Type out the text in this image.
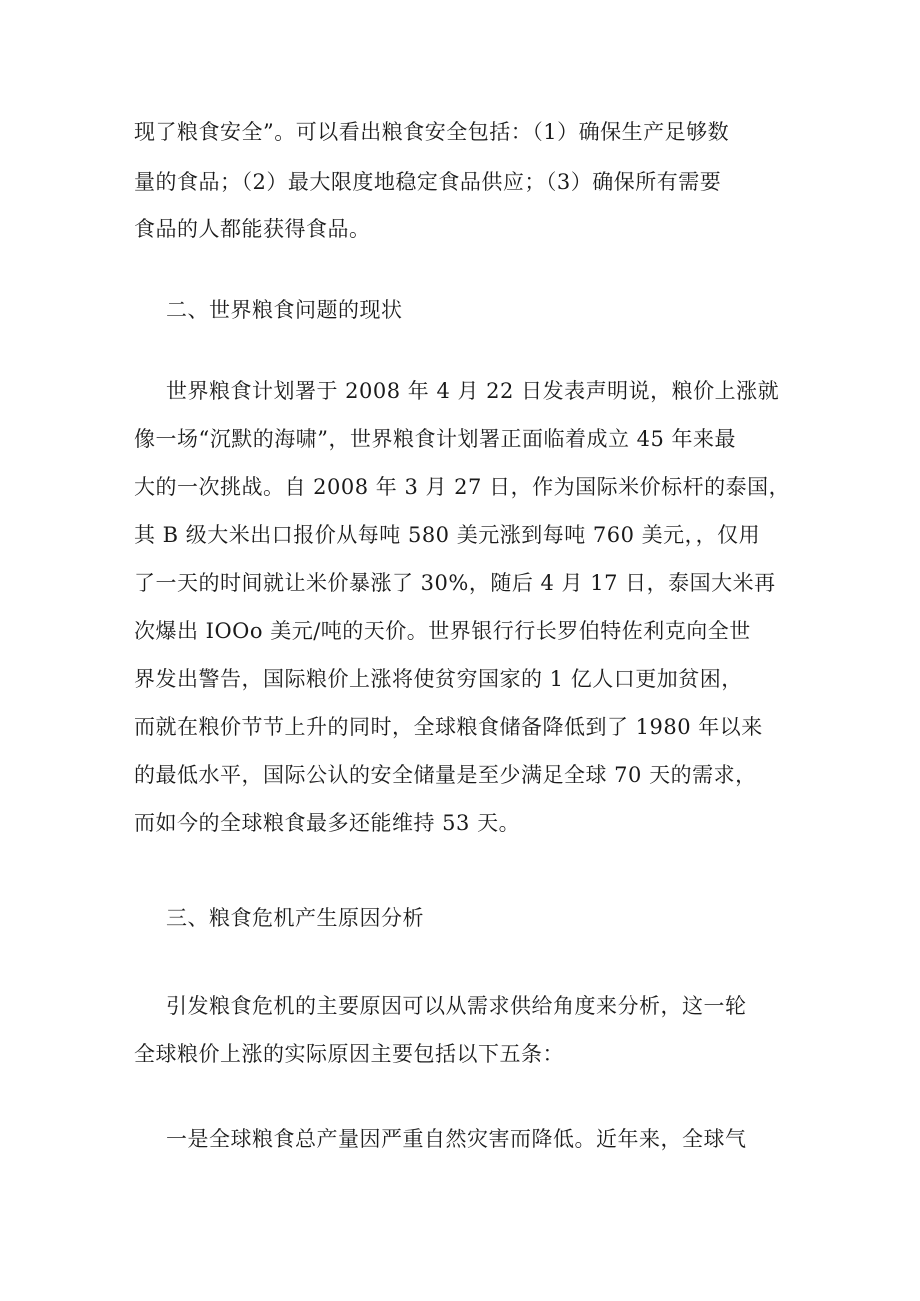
现了粮食安全”。可以看出粮食安全包括：（1）确保生产足够数

量的食品；（2）最大限度地稳定食品供应；（3）确保所有需要

食品的人都能获得食品。

二、世界粮食问题的现状

世界粮食计划署于 2008 年 4 月 22 日发表声明说，粮价上涨就

像一场“沉默的海啸”，世界粮食计划署正面临着成立 45 年来最

大的一次挑战。自 2008 年 3 月 27 日，作为国际米价标杆的泰国，

其 B 级大米出口报价从每吨 580 美元涨到每吨 760 美元，，仅用

了一天的时间就让米价暴涨了 30%，随后 4 月 17 日，泰国大米再

次爆出 IOOo 美元/吨的天价。世界银行行长罗伯特佐利克向全世

界发出警告，国际粮价上涨将使贫穷国家的 1 亿人口更加贫困，

而就在粮价节节上升的同时，全球粮食储备降低到了 1980 年以来

的最低水平，国际公认的安全储量是至少满足全球 70 天的需求，

而如今的全球粮食最多还能维持 53 天。

三、粮食危机产生原因分析

引发粮食危机的主要原因可以从需求供给角度来分析，这一轮

全球粮价上涨的实际原因主要包括以下五条：

一是全球粮食总产量因严重自然灾害而降低。近年来，全球气
